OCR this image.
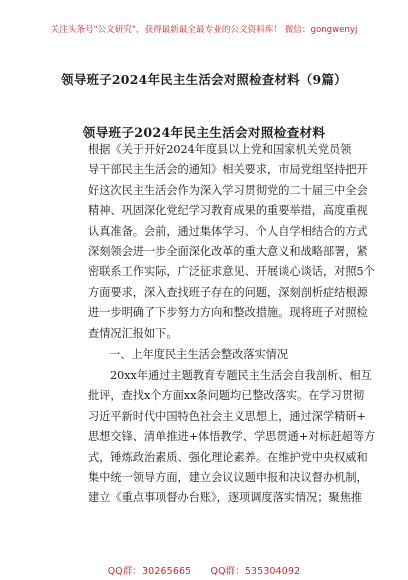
关注头条号"公文研究"，获得最新最全最专业的公文资料库！ 微信：gongwenyj
领导班子2024年民主生活会对照检查材料（9篇）
领导班子2024年民主生活会对照检查材料
根据《关于开好2024年度县以上党和国家机关党员领
导干部民主生活会的通知》相关要求，市局党组坚持把开
好这次民主生活会作为深入学习贯彻党的二十届三中全会
精神、巩固深化党纪学习教育成果的重要举措，高度重视
认真准备。会前，通过集体学习、个人自学相结合的方式
深刻领会进一步全面深化改革的重大意义和战略部署，紧
密联系工作实际，广泛征求意见、开展谈心谈话，对照5个
方面要求，深入查找班子存在的问题，深刻剖析症结根源
进一步明确了下步努力方向和整改措施。现将班子对照检
查情况汇报如下。
一、上年度民主生活会整改落实情况
20xx年通过主题教育专题民主生活会自我剖析、相互
批评，查找x个方面xx条问题均已整改落实。在学习贯彻
习近平新时代中国特色社会主义思想上，通过深学精研+
思想交锋、清单推进+体悟教学、学思贯通+对标赶超等方
式，锤炼政治素质、强化理论素养。在维护党中央权威和
集中统一领导方面，建立会议议题申报和决议督办机制，
建立《重点事项督办台账》，逐项调度落实情况；聚焦推
QQ群：30265665 QQ群：535304092
